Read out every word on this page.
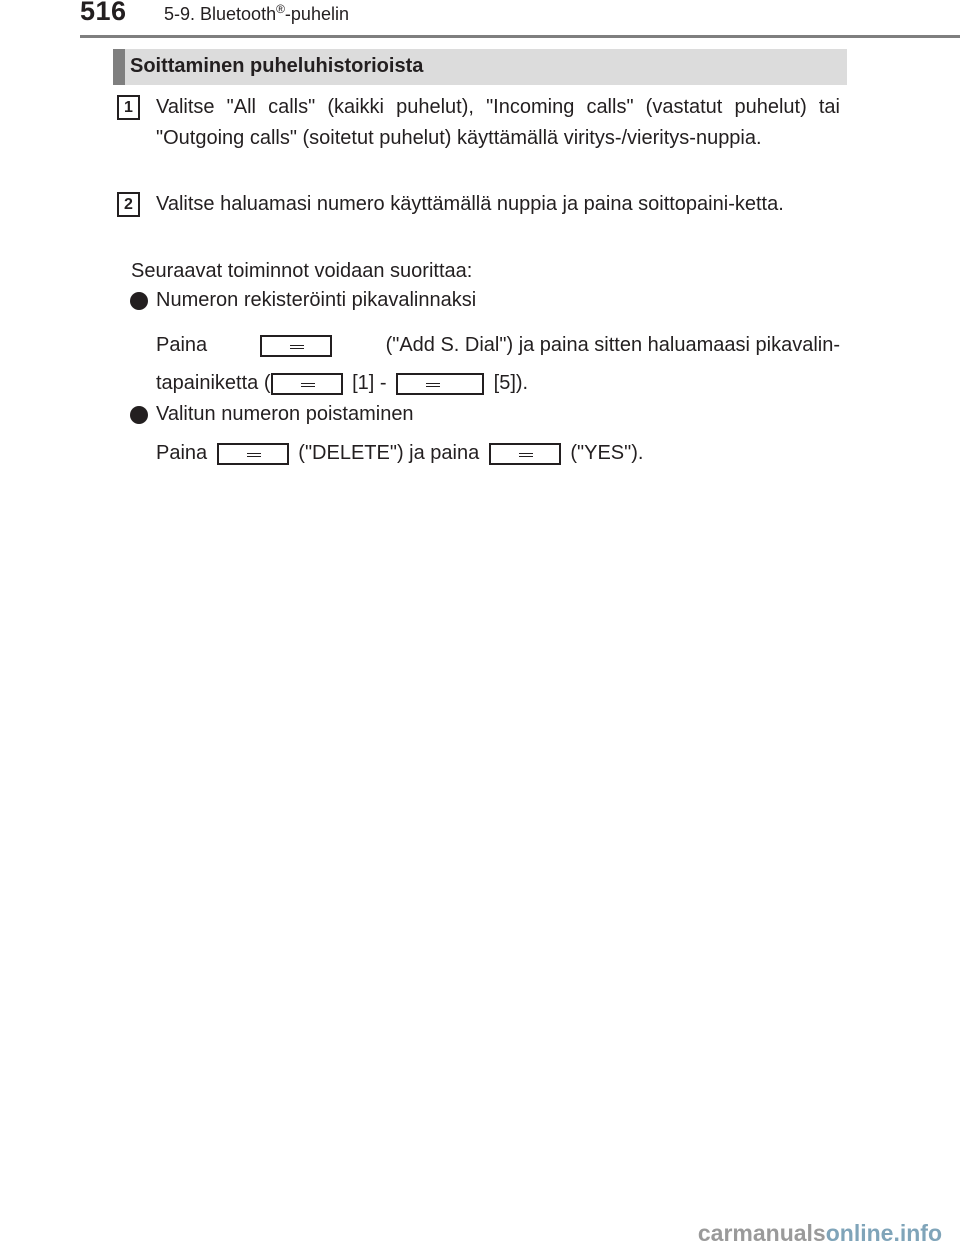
516 5-9. Bluetooth®-puhelin
Soittaminen puheluhistorioista
1	Valitse "All calls" (kaikki puhelut), "Incoming calls" (vastatut puhelut) tai "Outgoing calls" (soitetut puhelut) käyttämällä viritys-/vieritys-nuppia.
2	Valitse haluamasi numero käyttämällä nuppia ja paina soittopaini-ketta.
Seuraavat toiminnot voidaan suorittaa:
Numeron rekisteröinti pikavalinnaksi
Paina	("Add S. Dial") ja paina sitten haluamaasi pikavalin-
tapainiketta (	[1] -	[5]).
Valitun numeron poistaminen
Paina	("DELETE") ja paina	("YES").
carmanualsonline.info
